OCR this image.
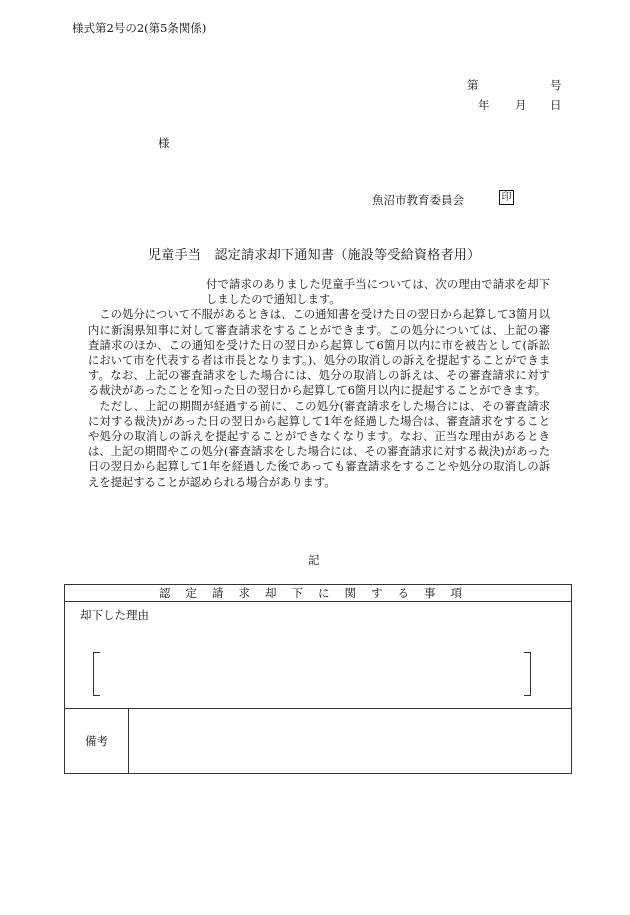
様式第2号の2(第5条関係)
第	号
年 月 日
様
魚沼市教育委員会	印
児童手当　認定請求却下通知書（施設等受給資格者用）

付で請求のありました児童手当については、次の理由で請求を却下しましたので通知します。

この処分について不服があるときは、この通知書を受けた日の翌日から起算して3箇月以内に新潟県知事に対して審査請求をすることができます。この処分については、上記の審査請求のほか、この通知を受けた日の翌日から起算して6箇月以内に市を被告として(訴訟において市を代表する者は市長となります。)、処分の取消しの訴えを提起することができます。なお、上記の審査請求をした場合には、処分の取消しの訴えは、その審査請求に対する裁決があったことを知った日の翌日から起算して6箇月以内に提起することができます。

ただし、上記の期間が経過する前に、この処分(審査請求をした場合には、その審査請求に対する裁決)があった日の翌日から起算して1年を経過した場合は、審査請求をすることや処分の取消しの訴えを提起することができなくなります。なお、正当な理由があるときは、上記の期間やこの処分(審査請求をした場合には、その審査請求に対する裁決)があった日の翌日から起算して1年を経過した後であっても審査請求をすることや処分の取消しの訴えを提起することが認められる場合があります。

記
認定請求却下に関する事項

却下した理由

備考	
